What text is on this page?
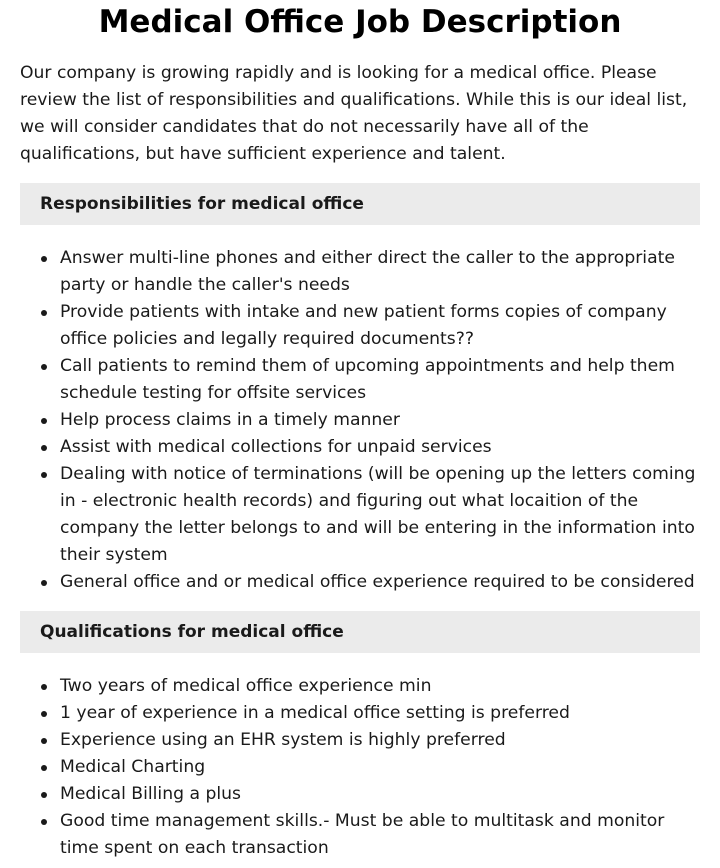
Medical Office Job Description

Our company is growing rapidly and is looking for a medical office. Please review the list of responsibilities and qualifications. While this is our ideal list, we will consider candidates that do not necessarily have all of the qualifications, but have sufficient experience and talent.

Responsibilities for medical office
Answer multi-line phones and either direct the caller to the appropriate party or handle the caller's needs
Provide patients with intake and new patient forms copies of company office policies and legally required documents??
Call patients to remind them of upcoming appointments and help them schedule testing for offsite services
Help process claims in a timely manner
Assist with medical collections for unpaid services
Dealing with notice of terminations (will be opening up the letters coming in - electronic health records) and figuring out what locaition of the company the letter belongs to and will be entering in the information into their system
General office and or medical office experience required to be considered
Qualifications for medical office
Two years of medical office experience min
1 year of experience in a medical office setting is preferred
Experience using an EHR system is highly preferred
Medical Charting
Medical Billing a plus
Good time management skills.- Must be able to multitask and monitor time spent on each transaction
